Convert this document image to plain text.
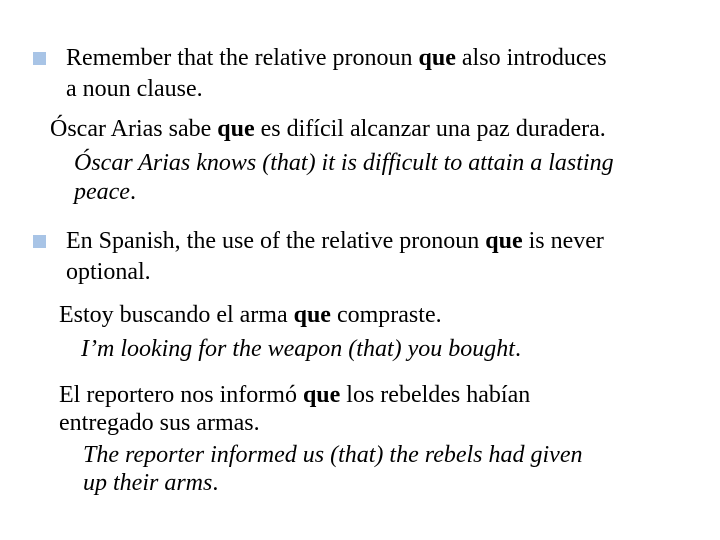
Remember that the relative pronoun que also introduces
a noun clause.
Óscar Arias sabe que es difícil alcanzar una paz duradera.
Óscar Arias knows (that) it is difficult to attain a lasting
peace.
En Spanish, the use of the relative pronoun que is never
optional.
Estoy buscando el arma que compraste.
I’m looking for the weapon (that) you bought.
El reportero nos informó que los rebeldes habían
entregado sus armas.
The reporter informed us (that) the rebels had given
up their arms.
